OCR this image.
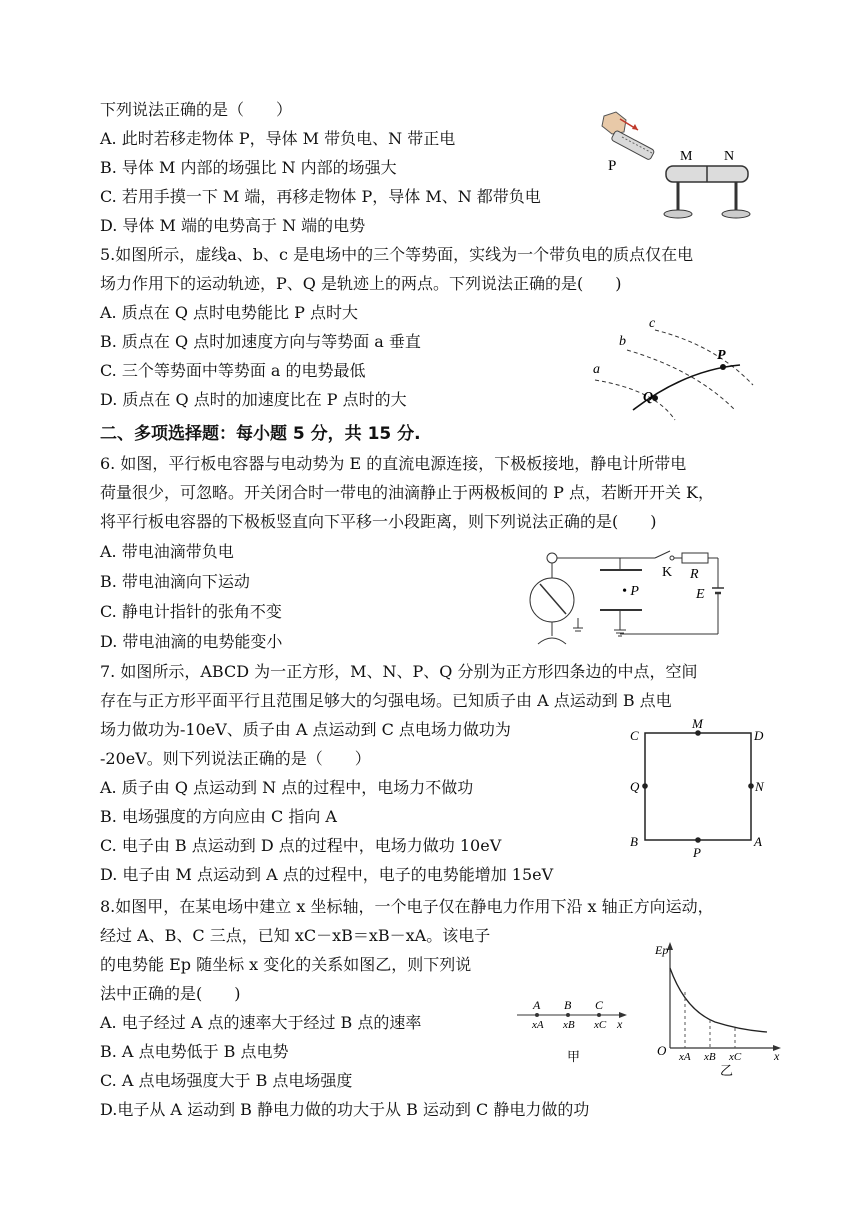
下列说法正确的是（　　）
A. 此时若移走物体 P，导体 M 带负电、N 带正电
B. 导体 M 内部的场强比 N 内部的场强大
C. 若用手摸一下 M 端，再移走物体 P，导体 M、N 都带负电
D. 导体 M 端的电势高于 N 端的电势
P
M N
5.如图所示，虚线a、b、c 是电场中的三个等势面，实线为一个带负电的质点仅在电
场力作用下的运动轨迹，P、Q 是轨迹上的两点。下列说法正确的是(　　)
A. 质点在 Q 点时电势能比 P 点时大
B. 质点在 Q 点时加速度方向与等势面 a 垂直
C. 三个等势面中等势面 a 的电势最低
D. 质点在 Q 点时的加速度比在 P 点时的大
a
b
c
P
Q
二、多项选择题：每小题 5 分，共 15 分.
6. 如图，平行板电容器与电动势为 E 的直流电源连接，下极板接地，静电计所带电
荷量很少，可忽略。开关闭合时一带电的油滴静止于两极板间的 P 点，若断开开关 K，
将平行板电容器的下极板竖直向下平移一小段距离，则下列说法正确的是(　　)
A. 带电油滴带负电
B. 带电油滴向下运动
C. 静电计指针的张角不变
D. 带电油滴的电势能变小
K R
E
• P
7. 如图所示，ABCD 为一正方形，M、N、P、Q 分别为正方形四条边的中点，空间
存在与正方形平面平行且范围足够大的匀强电场。已知质子由 A 点运动到 B 点电
场力做功为-10eV、质子由 A 点运动到 C 点电场力做功为
-20eV。则下列说法正确的是（　　）
A. 质子由 Q 点运动到 N 点的过程中，电场力不做功
B. 电场强度的方向应由 C 指向 A
C. 电子由 B 点运动到 D 点的过程中，电场力做功 10eV
D. 电子由 M 点运动到 A 点的过程中，电子的电势能增加 15eV
C	D
B	A
M
N
P
Q
8.如图甲，在某电场中建立 x 坐标轴，一个电子仅在静电力作用下沿 x 轴正方向运动，
经过 A、B、C 三点，已知 xC－xB＝xB－xA。该电子
的电势能 Ep 随坐标 x 变化的关系如图乙，则下列说
法中正确的是(　　)
A. 电子经过 A 点的速率大于经过 B 点的速率
B. A 点电势低于 B 点电势
C. A 点电场强度大于 B 点电场强度
D.电子从 A 运动到 B 静电力做的功大于从 B 运动到 C 静电力做的功
A B C
xA xB xC x
甲
Ep
O xA xB xC	x
乙
